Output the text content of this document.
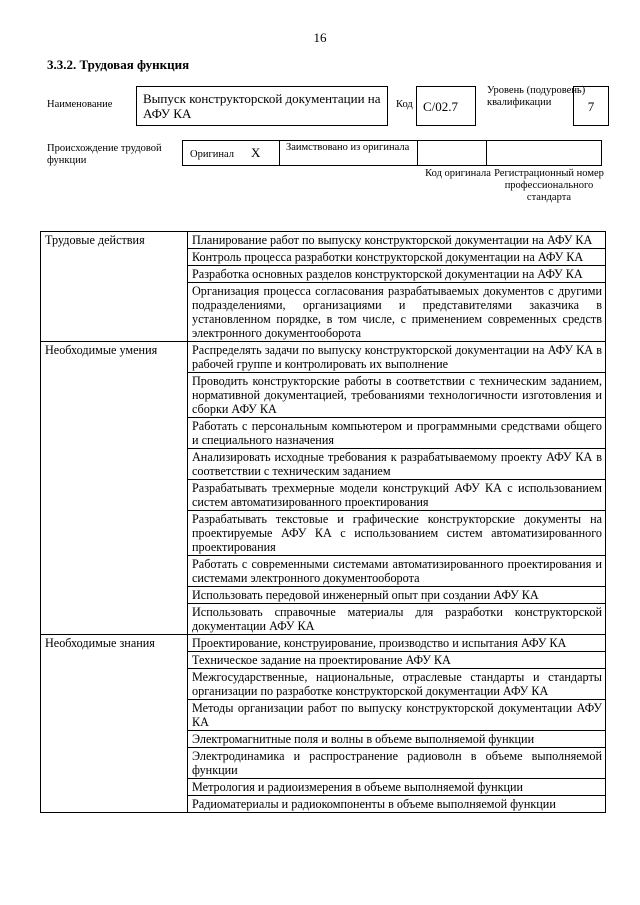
16
3.3.2. Трудовая функция
Наименование	Выпуск конструкторской документации на АФУ КА
Код С/02.7
Уровень (подуровень) квалификации	7
Происхождение трудовой функции
Оригинал X	Заимствовано из оригинала
Код оригинала Регистрационный номер профессионального стандарта
Трудовые действия	Планирование работ по выпуску конструкторской документации на АФУ КА
	Контроль процесса разработки конструкторской документации на АФУ КА
	Разработка основных разделов конструкторской документации на АФУ КА
	Организация процесса согласования разрабатываемых документов с другими подразделениями, организациями и представителями заказчика в установленном порядке, в том числе, с применением современных средств электронного документооборота
Необходимые умения	Распределять задачи по выпуску конструкторской документации на АФУ КА в рабочей группе и контролировать их выполнение
	Проводить конструкторские работы в соответствии с техническим заданием, нормативной документацией, требованиями технологичности изготовления и сборки АФУ КА
	Работать с персональным компьютером и программными средствами общего и специального назначения
	Анализировать исходные требования к разрабатываемому проекту АФУ КА в соответствии с техническим заданием
	Разрабатывать трехмерные модели конструкций АФУ КА с использованием систем автоматизированного проектирования
	Разрабатывать текстовые и графические конструкторские документы на проектируемые АФУ КА с использованием систем автоматизированного проектирования
	Работать с современными системами автоматизированного проектирования и системами электронного документооборота
	Использовать передовой инженерный опыт при создании АФУ КА
	Использовать справочные материалы для разработки конструкторской документации АФУ КА
Необходимые знания	Проектирование, конструирование, производство и испытания АФУ КА
	Техническое задание на проектирование АФУ КА
	Межгосударственные, национальные, отраслевые стандарты и стандарты организации по разработке конструкторской документации АФУ КА
	Методы организации работ по выпуску конструкторской документации АФУ КА
	Электромагнитные поля и волны в объеме выполняемой функции
	Электродинамика и распространение радиоволн в объеме выполняемой функции
	Метрология и радиоизмерения в объеме выполняемой функции
	Радиоматериалы и радиокомпоненты в объеме выполняемой функции
